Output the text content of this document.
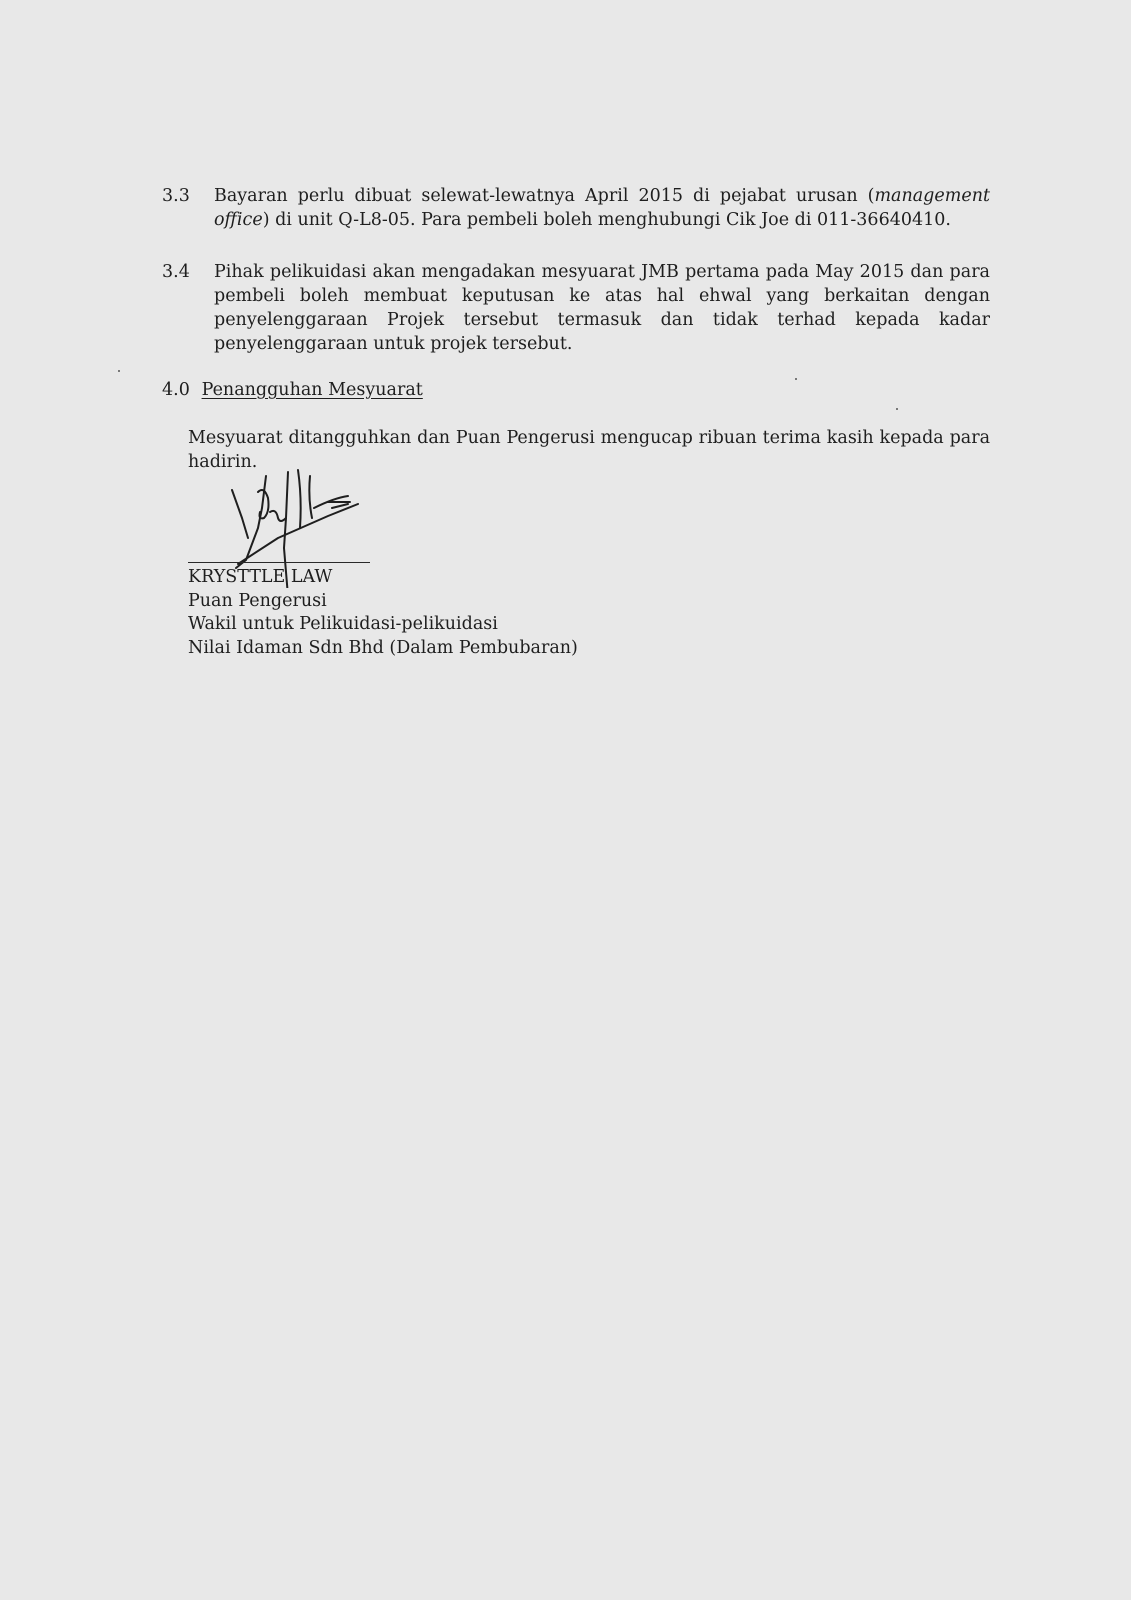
3.3	Bayaran perlu dibuat selewat-lewatnya April 2015 di pejabat urusan (management office) di unit Q-L8-05. Para pembeli boleh menghubungi Cik Joe di 011-36640410.
3.4	Pihak pelikuidasi akan mengadakan mesyuarat JMB pertama pada May 2015 dan para pembeli boleh membuat keputusan ke atas hal ehwal yang berkaitan dengan penyelenggaraan Projek tersebut termasuk dan tidak terhad kepada kadar penyelenggaraan untuk projek tersebut.
4.0 Penangguhan Mesyuarat
Mesyuarat ditangguhkan dan Puan Pengerusi mengucap ribuan terima kasih kepada para hadirin.
KRYSTTLE LAW
Puan Pengerusi
Wakil untuk Pelikuidasi-pelikuidasi
Nilai Idaman Sdn Bhd (Dalam Pembubaran)
